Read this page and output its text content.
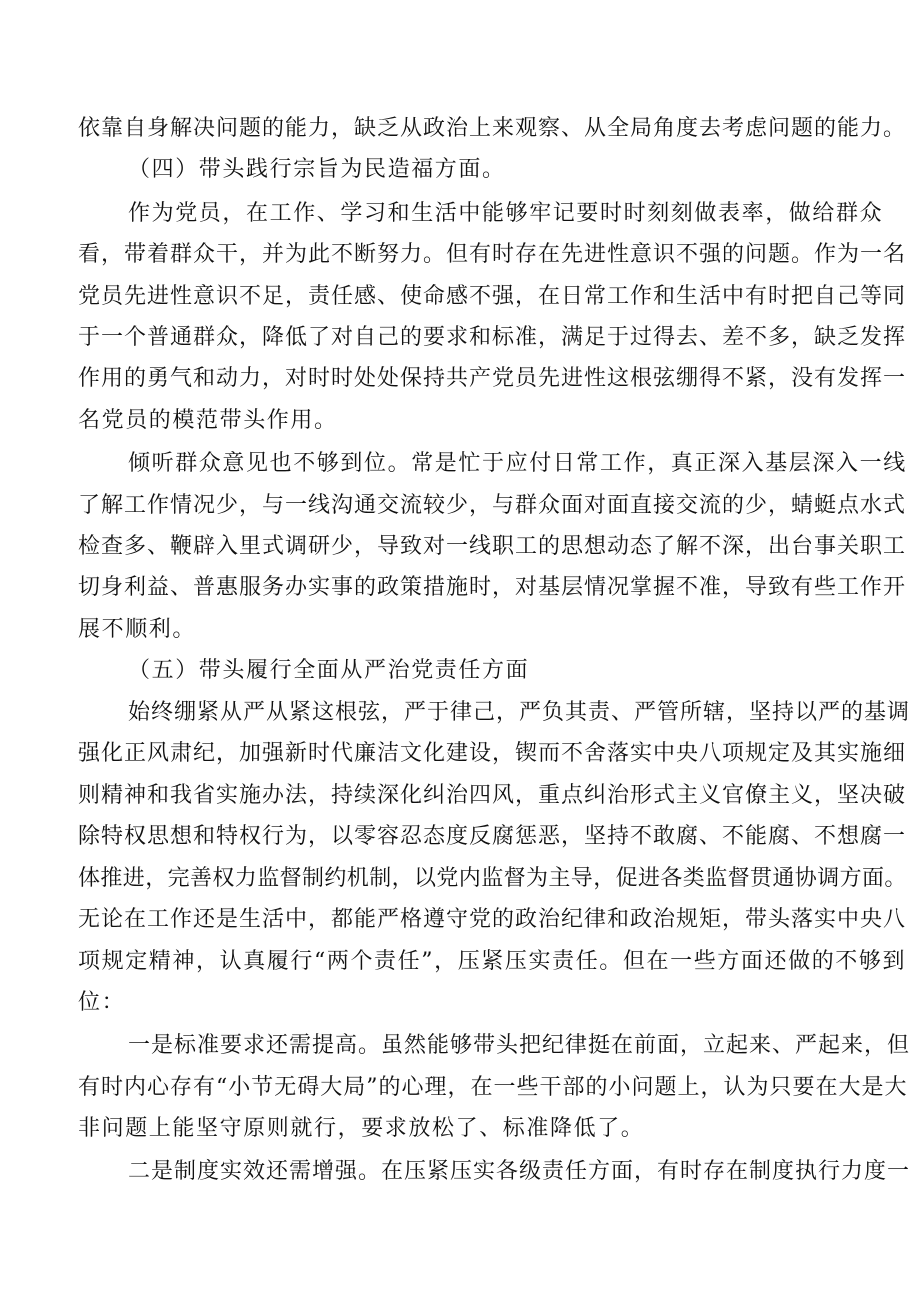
依靠自身解决问题的能力，缺乏从政治上来观察、从全局角度去考虑问题的能力。
（四）带头践行宗旨为民造福方面。
作为党员，在工作、学习和生活中能够牢记要时时刻刻做表率，做给群众
看，带着群众干，并为此不断努力。但有时存在先进性意识不强的问题。作为一名
党员先进性意识不足，责任感、使命感不强，在日常工作和生活中有时把自己等同
于一个普通群众，降低了对自己的要求和标准，满足于过得去、差不多，缺乏发挥
作用的勇气和动力，对时时处处保持共产党员先进性这根弦绷得不紧，没有发挥一
名党员的模范带头作用。
倾听群众意见也不够到位。常是忙于应付日常工作，真正深入基层深入一线
了解工作情况少，与一线沟通交流较少，与群众面对面直接交流的少，蜻蜓点水式
检查多、鞭辟入里式调研少，导致对一线职工的思想动态了解不深，出台事关职工
切身利益、普惠服务办实事的政策措施时，对基层情况掌握不准，导致有些工作开
展不顺利。
（五）带头履行全面从严治党责任方面
始终绷紧从严从紧这根弦，严于律己，严负其责、严管所辖，坚持以严的基调
强化正风肃纪，加强新时代廉洁文化建设，锲而不舍落实中央八项规定及其实施细
则精神和我省实施办法，持续深化纠治四风，重点纠治形式主义官僚主义，坚决破
除特权思想和特权行为，以零容忍态度反腐惩恶，坚持不敢腐、不能腐、不想腐一
体推进，完善权力监督制约机制，以党内监督为主导，促进各类监督贯通协调方面。
无论在工作还是生活中，都能严格遵守党的政治纪律和政治规矩，带头落实中央八
项规定精神，认真履行“两个责任”，压紧压实责任。但在一些方面还做的不够到
位：
一是标准要求还需提高。虽然能够带头把纪律挺在前面，立起来、严起来，但
有时内心存有“小节无碍大局”的心理，在一些干部的小问题上，认为只要在大是大
非问题上能坚守原则就行，要求放松了、标准降低了。
二是制度实效还需增强。在压紧压实各级责任方面，有时存在制度执行力度一
